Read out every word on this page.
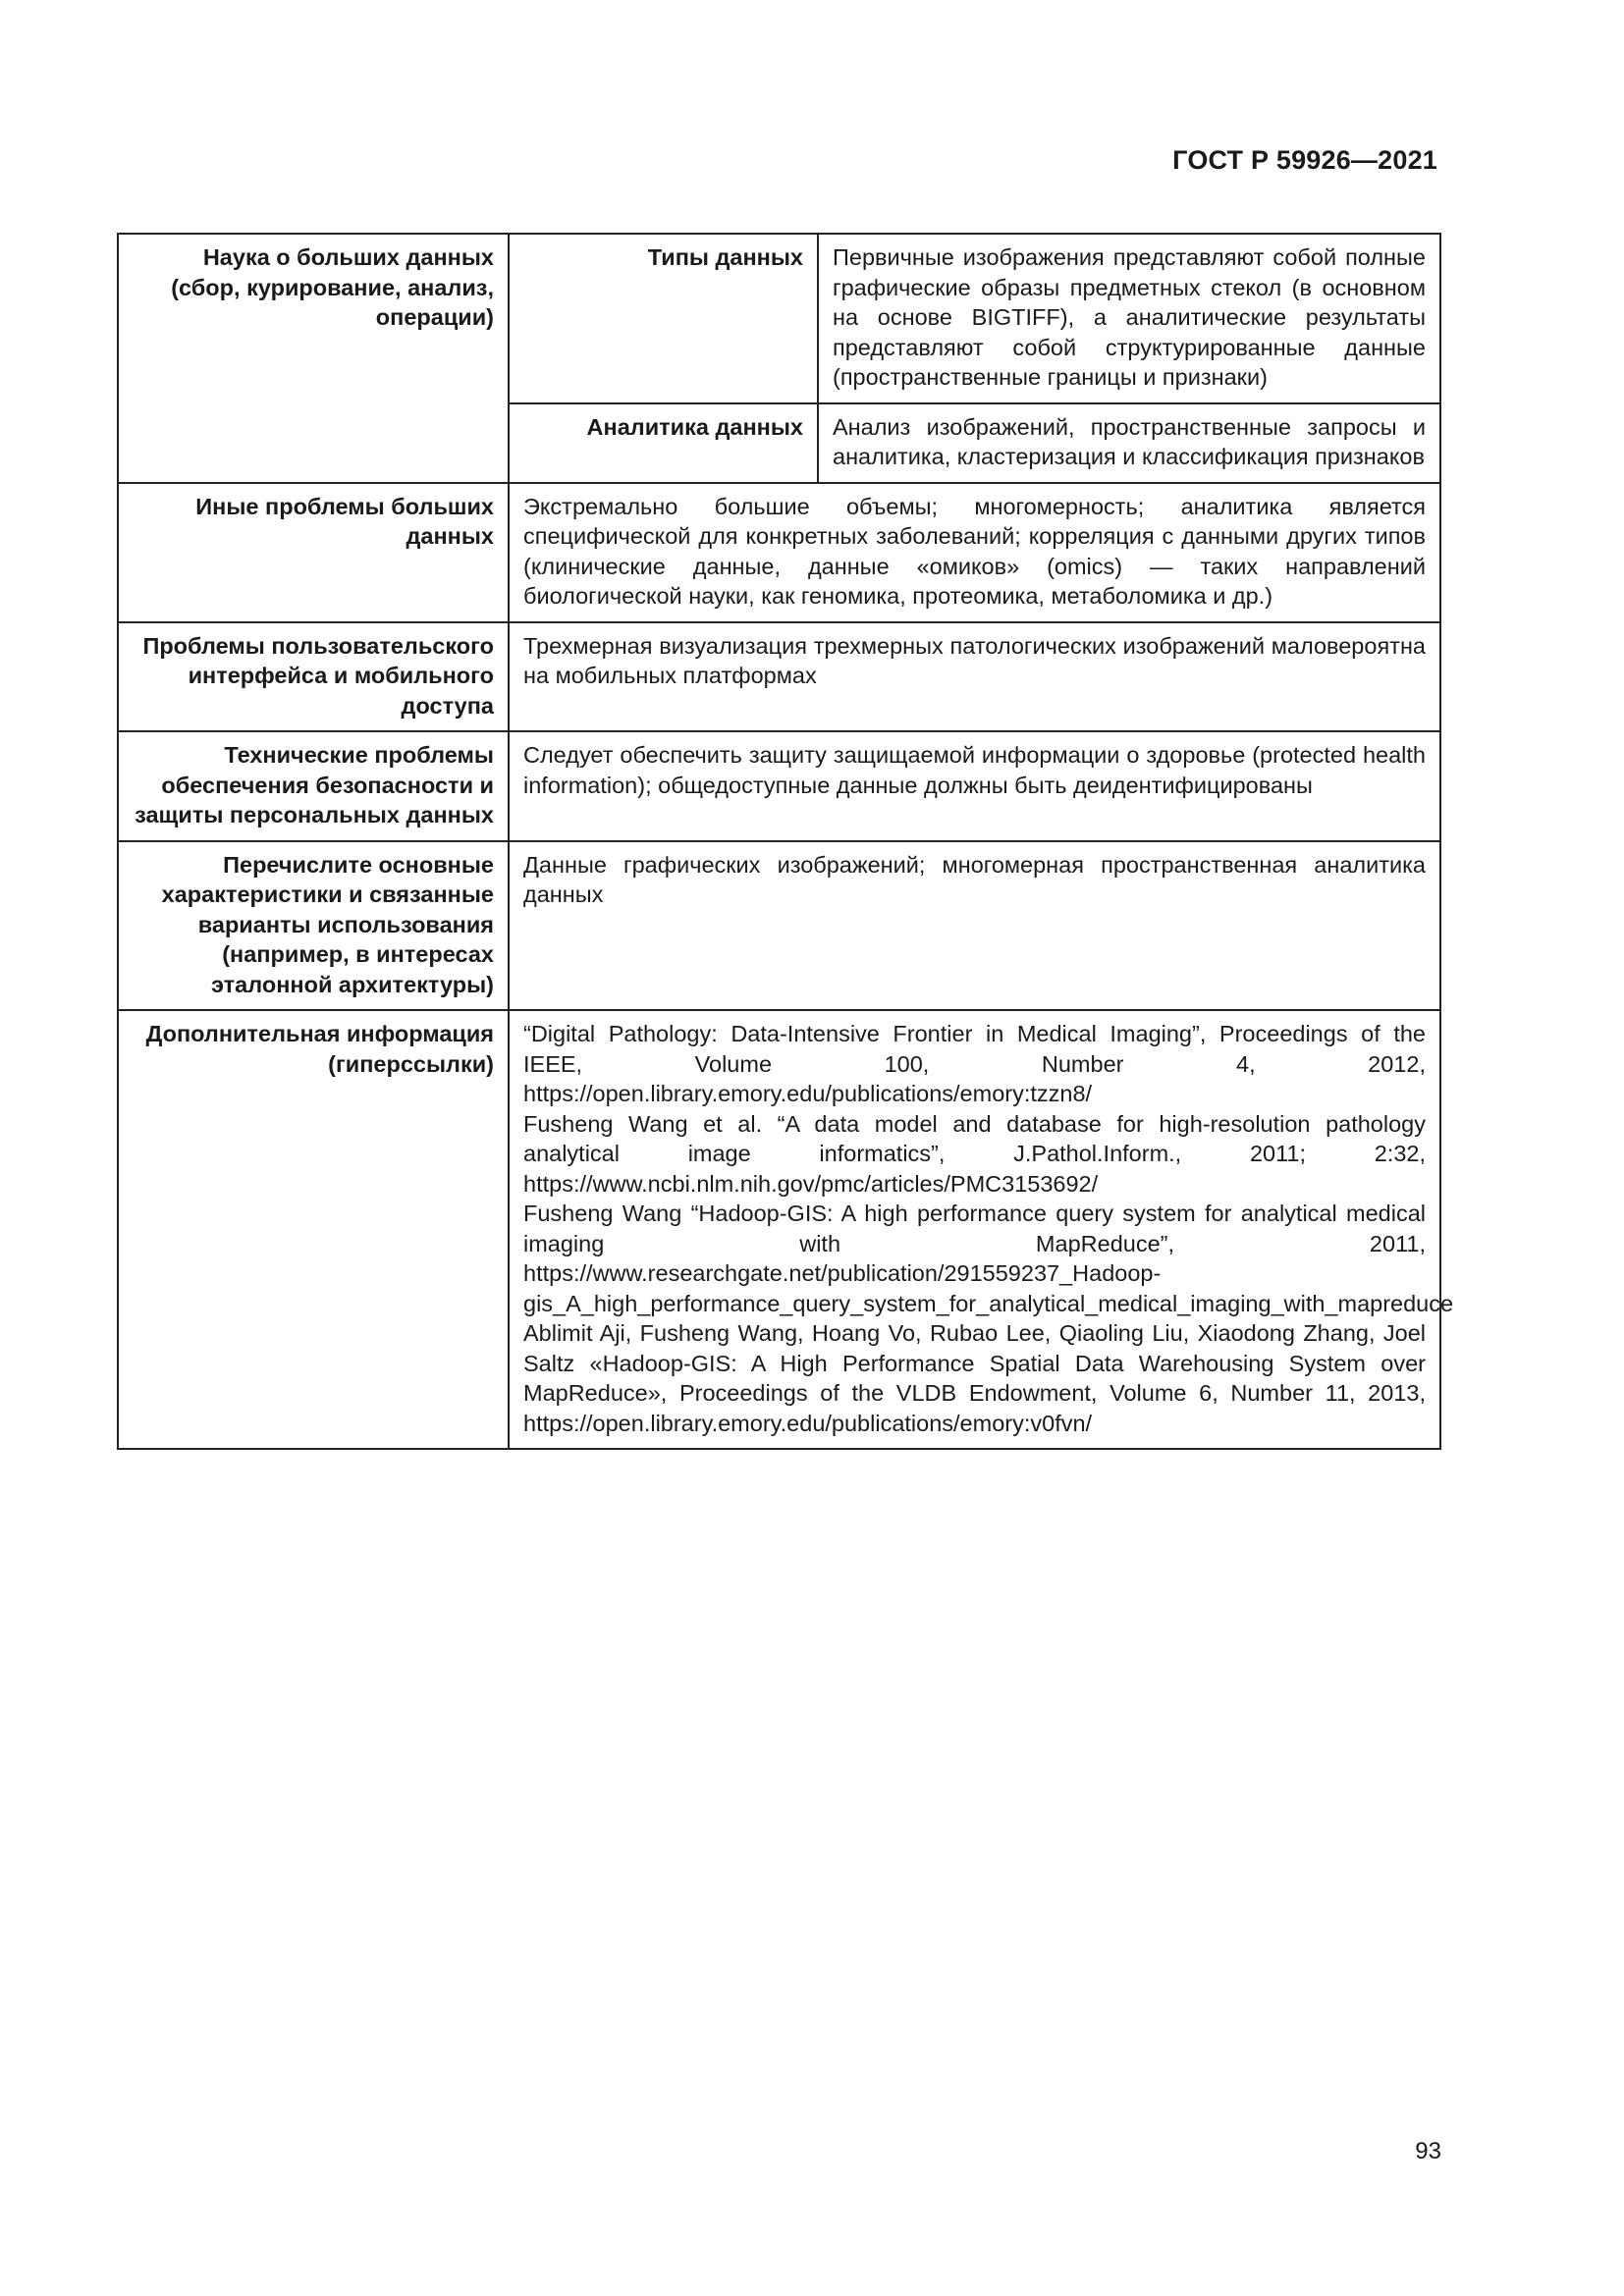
ГОСТ Р 59926—2021
Наука о больших данных (сбор, курирование, анализ, операции)	Типы данных	Первичные изображения представляют собой полные графические образы предметных стекол (в основном на основе BIGTIFF), а аналитические результаты представляют собой структурированные данные (пространственные границы и признаки)
	Аналитика данных	Анализ изображений, пространственные запросы и аналитика, кластеризация и классификация признаков
Иные проблемы больших данных	Экстремально большие объемы; многомерность; аналитика является специфической для конкретных заболеваний; корреляция с данными других типов (клинические данные, данные «омиков» (omics) — таких направлений биологической науки, как геномика, протеомика, метаболомика и др.)	
Проблемы пользовательского интерфейса и мобильного доступа	Трехмерная визуализация трехмерных патологических изображений маловероятна на мобильных платформах	
Технические проблемы обеспечения безопасности и защиты персональных данных	Следует обеспечить защиту защищаемой информации о здоровье (protected health information); общедоступные данные должны быть деидентифицированы	
Перечислите основные характеристики и связанные варианты использования (например, в интересах эталонной архитектуры)	Данные графических изображений; многомерная пространственная аналитика данных	
Дополнительная информация (гиперссылки)	“Digital Pathology: Data-Intensive Frontier in Medical Imaging”, Proceedings of the IEEE, Volume 100, Number 4, 2012, https://open.library.emory.edu/publications/emory:tzzn8/
Fusheng Wang et al. “A data model and database for high-resolution pathology analytical image informatics”, J.Pathol.Inform., 2011; 2:32, https://www.ncbi.nlm.nih.gov/pmc/articles/PMC3153692/
Fusheng Wang “Hadoop-GIS: A high performance query system for analytical medical imaging with MapReduce”, 2011, https://www.researchgate.net/publication/291559237_Hadoop-gis_A_high_performance_query_system_for_analytical_medical_imaging_with_mapreduce
Ablimit Aji, Fusheng Wang, Hoang Vo, Rubao Lee, Qiaoling Liu, Xiaodong Zhang, Joel Saltz «Hadoop-GIS: A High Performance Spatial Data Warehousing System over MapReduce», Proceedings of the VLDB Endowment, Volume 6, Number 11, 2013, https://open.library.emory.edu/publications/emory:v0fvn/	
93
